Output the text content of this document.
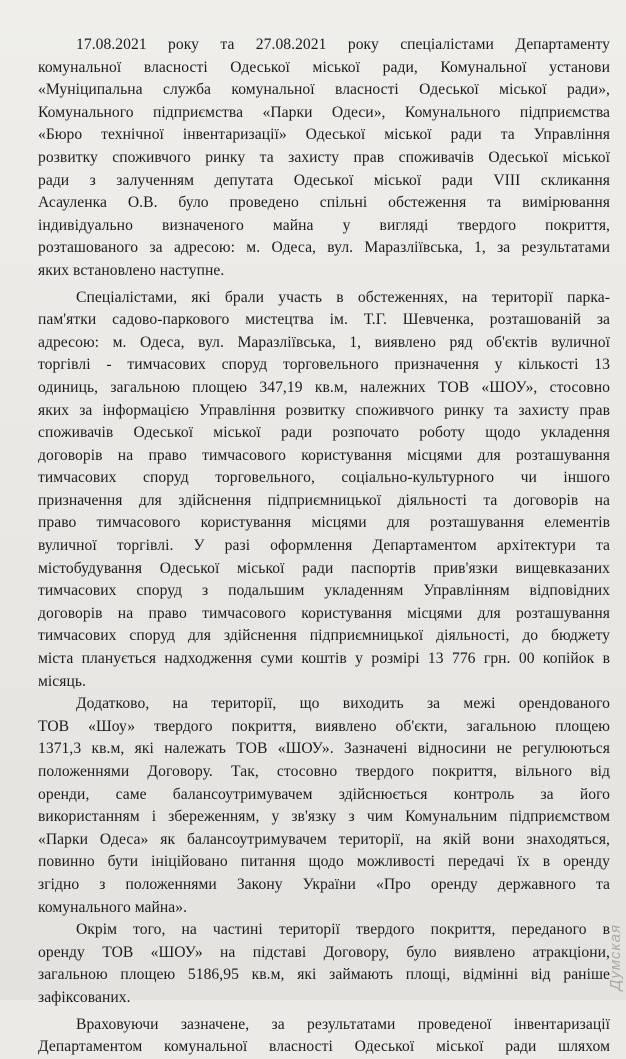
17.08.2021 року та 27.08.2021 року спеціалістами Департаменту
комунальної власності Одеської міської ради, Комунальної установи
«Муніципальна служба комунальної власності Одеської міської ради»,
Комунального підприємства «Парки Одеси», Комунального підприємства
«Бюро технічної інвентаризації» Одеської міської ради та Управління
розвитку споживчого ринку та захисту прав споживачів Одеської міської
ради з залученням депутата Одеської міської ради VIII скликання
Асауленка О.В. було проведено спільні обстеження та вимірювання
індивідуально визначеного майна у вигляді твердого покриття,
розташованого за адресою: м. Одеса, вул. Маразліївська, 1, за результатами
яких встановлено наступне.
Спеціалістами, які брали участь в обстеженнях, на території парка-
пам'ятки садово-паркового мистецтва ім. Т.Г. Шевченка, розташованій за
адресою: м. Одеса, вул. Маразліївська, 1, виявлено ряд об'єктів вуличної
торгівлі - тимчасових споруд торговельного призначення у кількості 13
одиниць, загальною площею 347,19 кв.м, належних ТОВ «ШОУ», стосовно
яких за інформацією Управління розвитку споживчого ринку та захисту прав
споживачів Одеської міської ради розпочато роботу щодо укладення
договорів на право тимчасового користування місцями для розташування
тимчасових споруд торговельного, соціально-культурного чи іншого
призначення для здійснення підприємницької діяльності та договорів на
право тимчасового користування місцями для розташування елементів
вуличної торгівлі. У разі оформлення Департаментом архітектури та
містобудування Одеської міської ради паспортів прив'язки вищевказаних
тимчасових споруд з подальшим укладенням Управлінням відповідних
договорів на право тимчасового користування місцями для розташування
тимчасових споруд для здійснення підприємницької діяльності, до бюджету
міста планується надходження суми коштів у розмірі 13 776 грн. 00 копійок в
місяць.
Додатково, на території, що виходить за межі орендованого
ТОВ «Шоу» твердого покриття, виявлено об'єкти, загальною площею
1371,3 кв.м, які належать ТОВ «ШОУ». Зазначені відносини не регулюються
положеннями Договору. Так, стосовно твердого покриття, вільного від
оренди, саме балансоутримувачем здійснюється контроль за його
використанням і збереженням, у зв'язку з чим Комунальним підприємством
«Парки Одеса» як балансоутримувачем території, на якій вони знаходяться,
повинно бути ініційовано питання щодо можливості передачі їх в оренду
згідно з положеннями Закону України «Про оренду державного та
комунального майна».
Окрім того, на частині території твердого покриття, переданого в
оренду ТОВ «ШОУ» на підставі Договору, було виявлено атракціони,
загальною площею 5186,95 кв.м, які займають площі, відмінні від раніше
зафіксованих.
Враховуючи зазначене, за результатами проведеної інвентаризації
Департаментом комунальної власності Одеської міської ради шляхом
Думская
